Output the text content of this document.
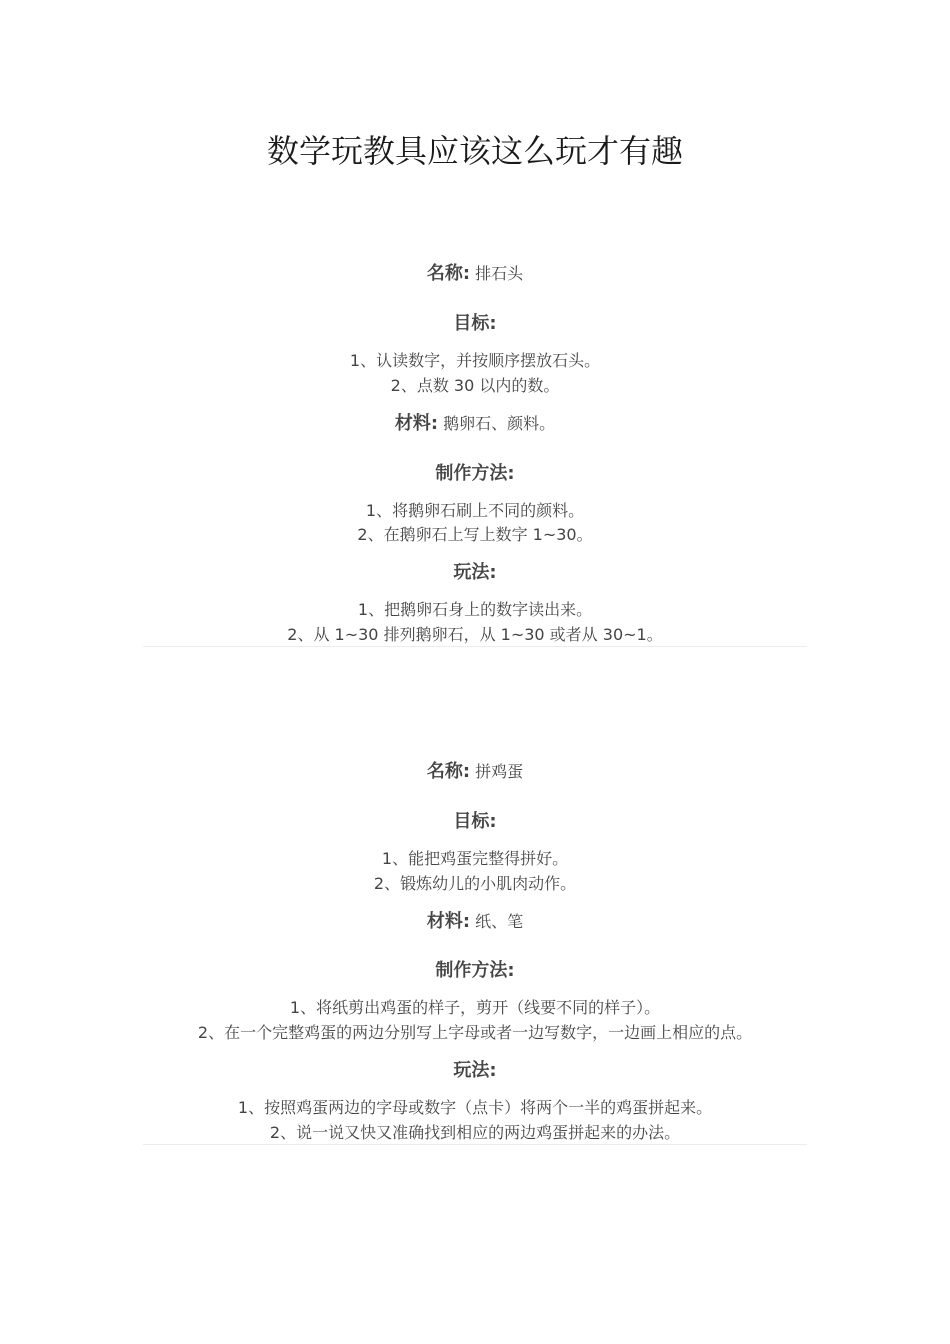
数学玩教具应该这么玩才有趣
名称: 排石头
目标:
1、认读数字，并按顺序摆放石头。
2、点数 30 以内的数。
材料: 鹅卵石、颜料。
制作方法:
1、将鹅卵石刷上不同的颜料。
2、在鹅卵石上写上数字 1~30。
玩法:
1、把鹅卵石身上的数字读出来。
2、从 1~30 排列鹅卵石，从 1~30 或者从 30~1。
名称: 拼鸡蛋
目标:
1、能把鸡蛋完整得拼好。
2、锻炼幼儿的小肌肉动作。
材料: 纸、笔
制作方法:
1、将纸剪出鸡蛋的样子，剪开（线要不同的样子）。
2、在一个完整鸡蛋的两边分别写上字母或者一边写数字，一边画上相应的点。
玩法:
1、按照鸡蛋两边的字母或数字（点卡）将两个一半的鸡蛋拼起来。
2、说一说又快又准确找到相应的两边鸡蛋拼起来的办法。
